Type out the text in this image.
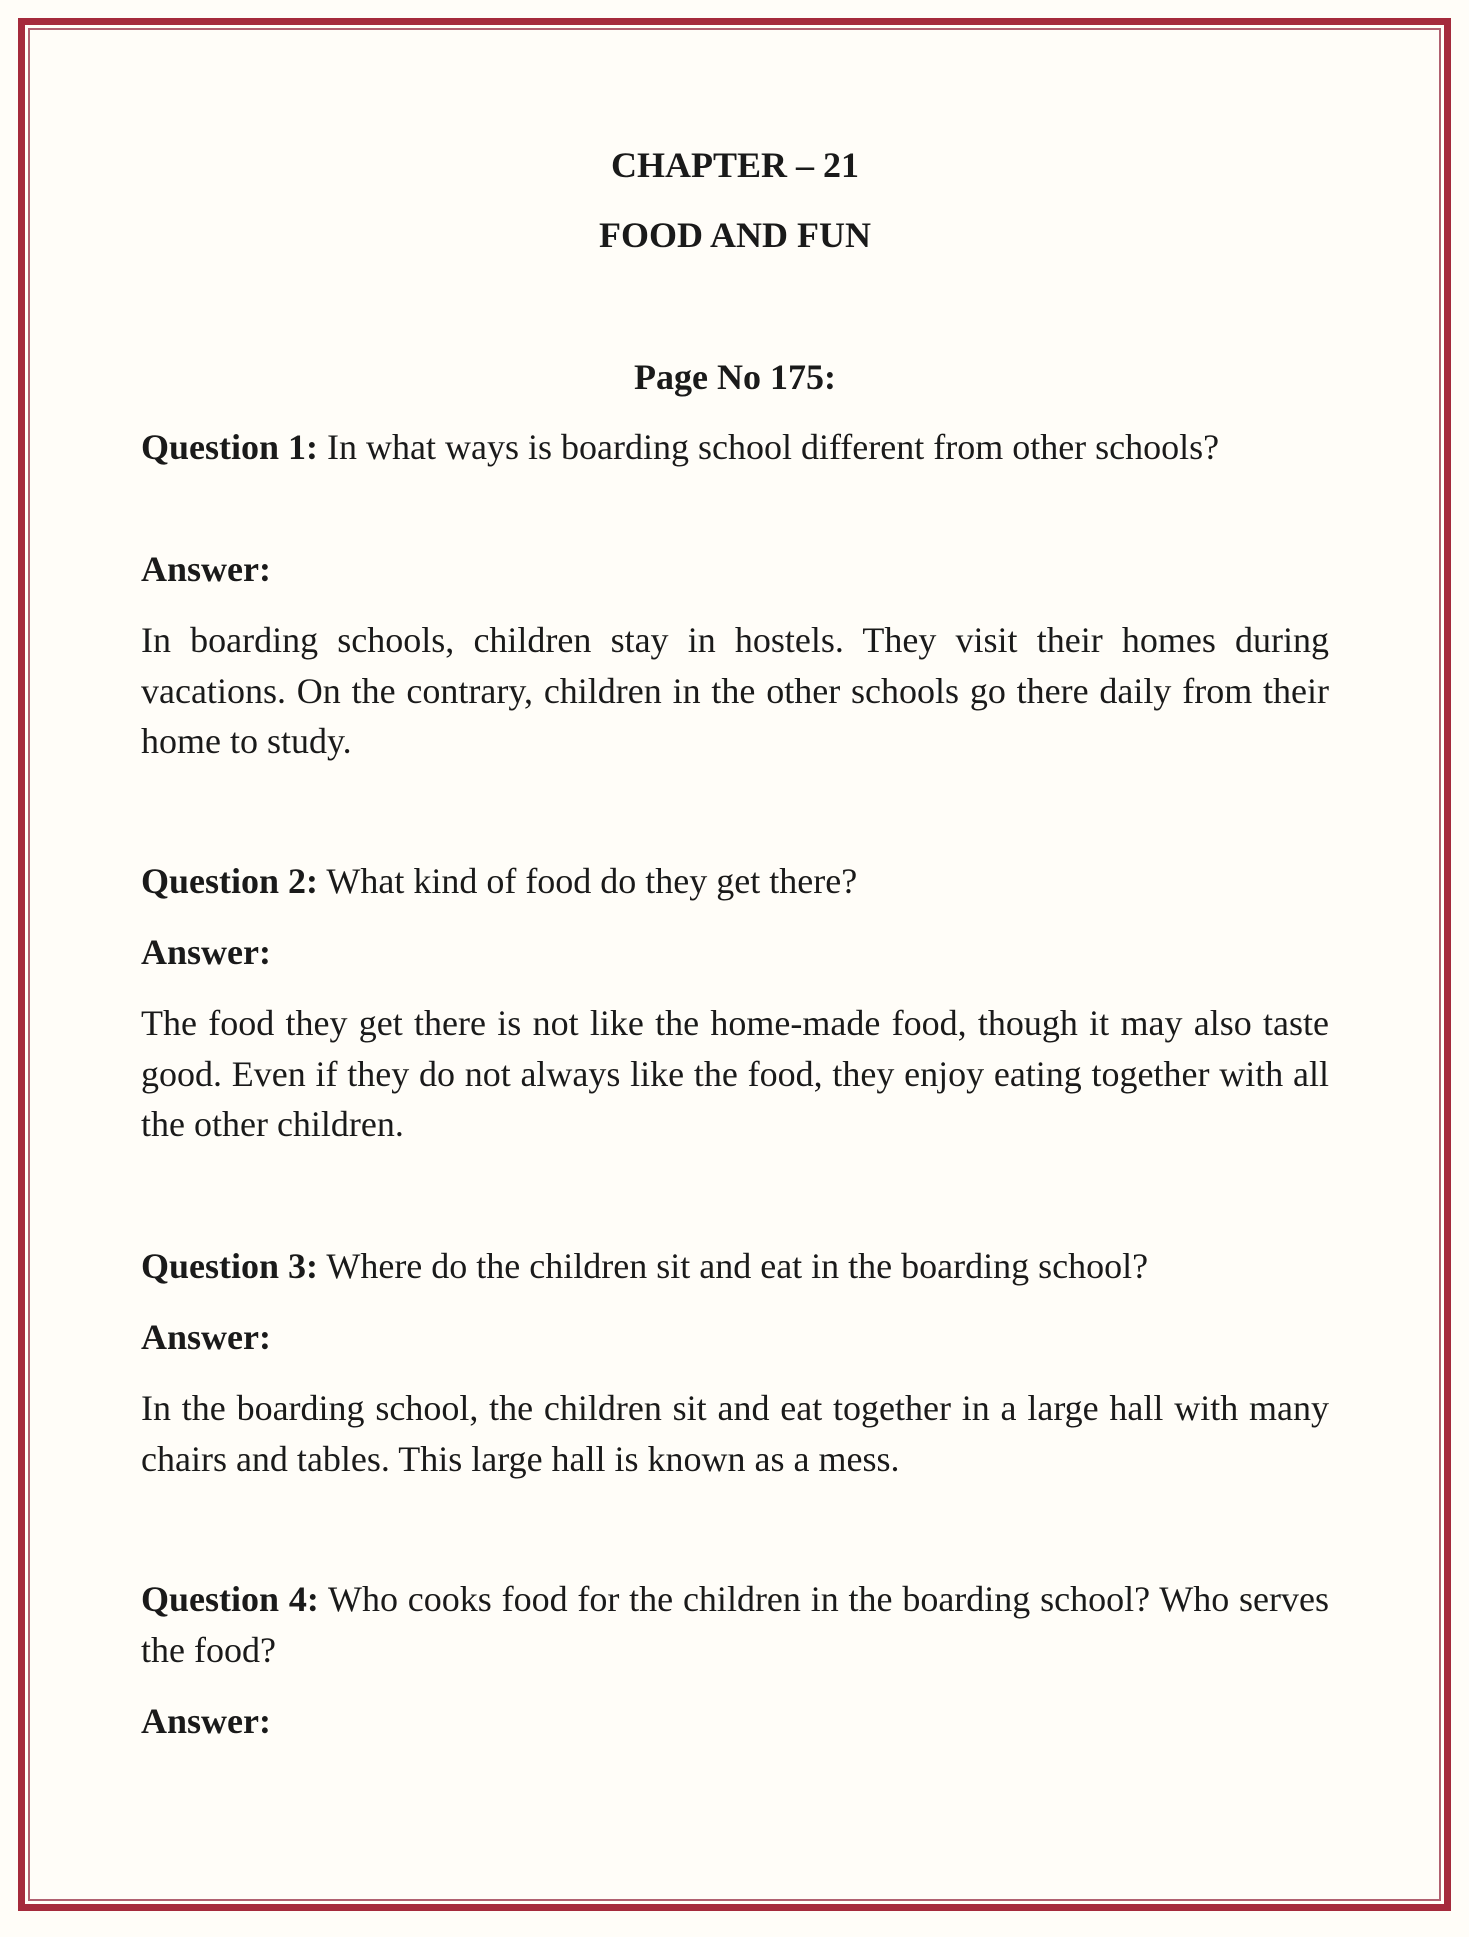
CHAPTER – 21
FOOD AND FUN
Page No 175:
Question 1: In what ways is boarding school different from other schools?
Answer:
In boarding schools, children stay in hostels. They visit their homes during vacations. On the contrary, children in the other schools go there daily from their home to study.
Question 2: What kind of food do they get there?
Answer:
The food they get there is not like the home-made food, though it may also taste good. Even if they do not always like the food, they enjoy eating together with all the other children.
Question 3: Where do the children sit and eat in the boarding school?
Answer:
In the boarding school, the children sit and eat together in a large hall with many chairs and tables. This large hall is known as a mess.
Question 4: Who cooks food for the children in the boarding school? Who serves the food?
Answer:
